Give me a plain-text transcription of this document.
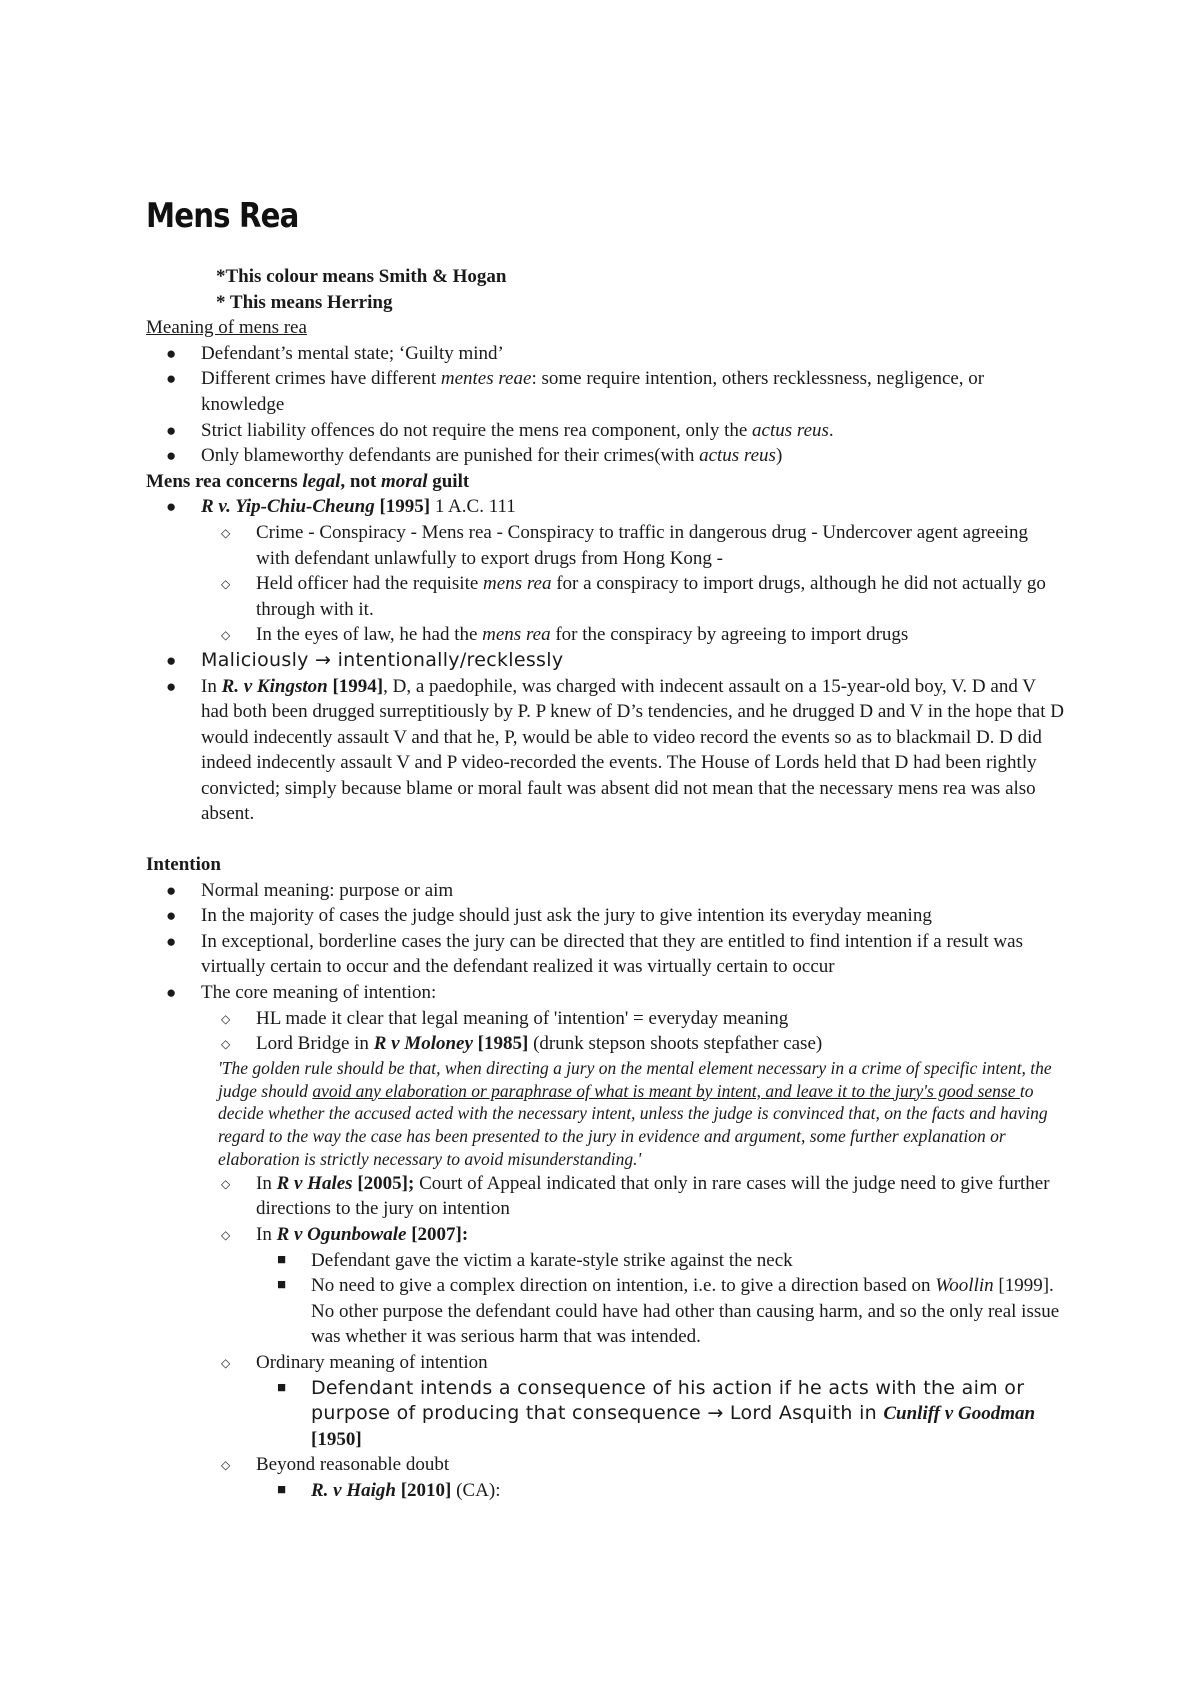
Mens Rea

*This colour means Smith & Hogan

* This means Herring

Meaning of mens rea

● Defendant’s mental state; ‘Guilty mind’
● Different crimes have different mentes reae: some require intention, others recklessness, negligence, or knowledge
● Strict liability offences do not require the mens rea component, only the actus reus.
● Only blameworthy defendants are punished for their crimes(with actus reus)

Mens rea concerns legal, not moral guilt

● R v. Yip-Chiu-Cheung [1995] 1 A.C. 111
◇ Crime - Conspiracy - Mens rea - Conspiracy to traffic in dangerous drug - Undercover agent agreeing with defendant unlawfully to export drugs from Hong Kong -
◇ Held officer had the requisite mens rea for a conspiracy to import drugs, although he did not actually go through with it.
◇ In the eyes of law, he had the mens rea for the conspiracy by agreeing to import drugs
● Maliciously → intentionally/recklessly
● In R. v Kingston [1994], D, a paedophile, was charged with indecent assault on a 15-year-old boy, V. D and V had both been drugged surreptitiously by P. P knew of D’s tendencies, and he drugged D and V in the hope that D would indecently assault V and that he, P, would be able to video record the events so as to blackmail D. D did indeed indecently assault V and P video-recorded the events. The House of Lords held that D had been rightly convicted; simply because blame or moral fault was absent did not mean that the necessary mens rea was also absent.

Intention

● Normal meaning: purpose or aim
● In the majority of cases the judge should just ask the jury to give intention its everyday meaning
● In exceptional, borderline cases the jury can be directed that they are entitled to find intention if a result was virtually certain to occur and the defendant realized it was virtually certain to occur
● The core meaning of intention:
◇ HL made it clear that legal meaning of 'intention' = everyday meaning
◇ Lord Bridge in R v Moloney [1985] (drunk stepson shoots stepfather case)

'The golden rule should be that, when directing a jury on the mental element necessary in a crime of specific intent, the judge should avoid any elaboration or paraphrase of what is meant by intent, and leave it to the jury's good sense to decide whether the accused acted with the necessary intent, unless the judge is convinced that, on the facts and having regard to the way the case has been presented to the jury in evidence and argument, some further explanation or elaboration is strictly necessary to avoid misunderstanding.'

◇ In R v Hales [2005]; Court of Appeal indicated that only in rare cases will the judge need to give further directions to the jury on intention
◇ In R v Ogunbowale [2007]:
■ Defendant gave the victim a karate-style strike against the neck
■ No need to give a complex direction on intention, i.e. to give a direction based on Woollin [1999]. No other purpose the defendant could have had other than causing harm, and so the only real issue was whether it was serious harm that was intended.
◇ Ordinary meaning of intention
■ Defendant intends a consequence of his action if he acts with the aim or purpose of producing that consequence → Lord Asquith in Cunliff v Goodman [1950]
◇ Beyond reasonable doubt
■ R. v Haigh [2010] (CA):
